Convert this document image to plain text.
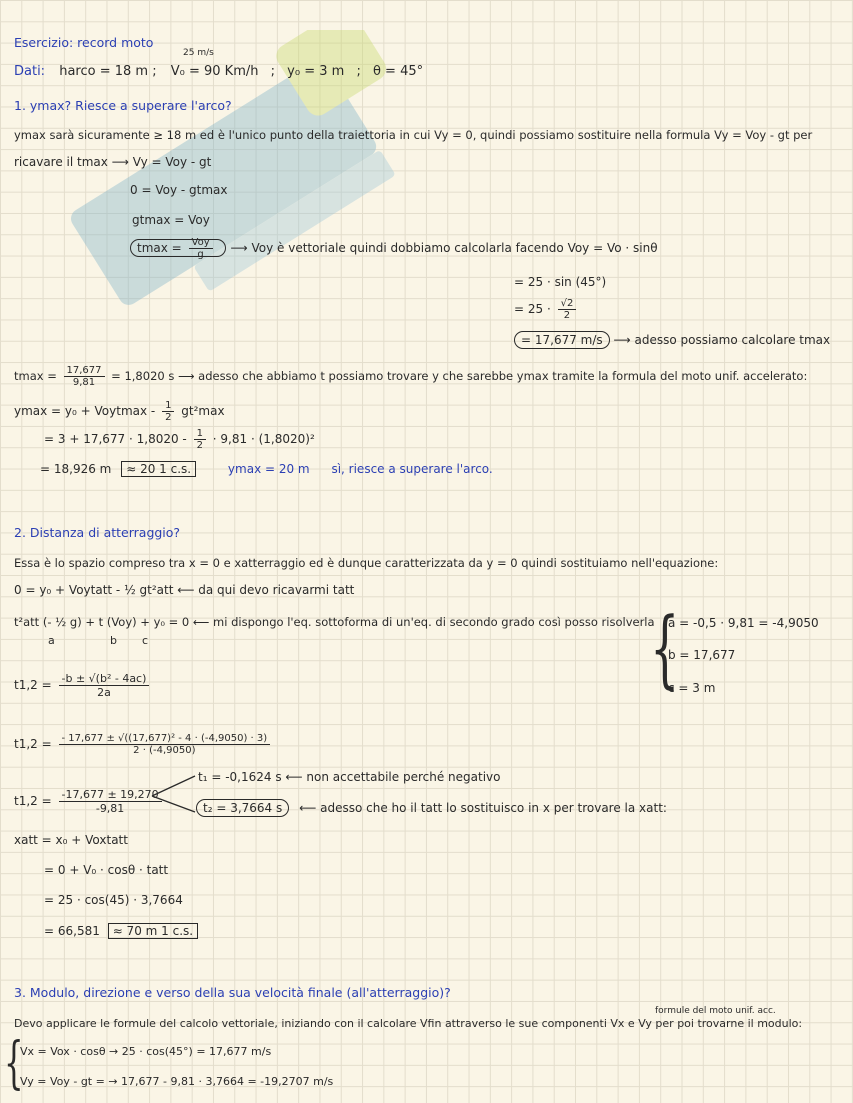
Esercizio: record moto
25 m/s
Dati: harco = 18 m ; V₀ = 90 Km/h ; y₀ = 3 m ; θ = 45°
1. ymax? Riesce a superare l'arco?
ymax sarà sicuramente ≥ 18 m ed è l'unico punto della traiettoria in cui Vy = 0, quindi possiamo sostituire nella formula Vy = Voy - gt per
ricavare il tmax ⟶ Vy = Voy - gt
0 = Voy - gtmax
gtmax = Voy
$tmax = \frac{\text{Voy}}{g}$ ⟶ Voy è vettoriale quindi dobbiamo calcolarla facendo Voy = Vo · sinθ
= 25 · sin (45°)
= $25 \cdot \frac{√2}{2}$
= 17,677 m/s ⟶ adesso possiamo calcolare tmax
$tmax = \frac{17,677}{9,81} = 1,8020$ s ⟶ adesso che abbiamo t possiamo trovare y che sarebbe ymax tramite la formula del moto unif. accelerato:
ymax = y₀ + Voytmax - $\frac{1}{2} gt^2\max$
= $3 + 17,677 \cdot 1,8020 - \frac{1}{2} \cdot 9,81 \cdot (1,8020)^2$
= 18,926 m ≈ 20 1 c.s.	ymax = 20 m sì, riesce a superare l'arco.
2. Distanza di atterraggio?
Essa è lo spazio compreso tra x = 0 e xatterraggio ed è dunque caratterizzata da y = 0 quindi sostituiamo nell'equazione:
0 = y₀ + Voytatt - ½ gt²att ⟵ da qui devo ricavarmi tatt
t²att (- ½ g) + t (Voy) + y₀ = 0 ⟵ mi dispongo l'eq. sottoforma di un'eq. di secondo grado così posso risolverla
a	b c	{
a = -0,5 · 9,81 = -4,9050
b = 17,677
c = 3 m
$t1,2 = \frac{\text{-b ± √(b² - 4ac)}}{2a}$
$t1,2 = \frac{\text{- 17,677 ± √((17,677)² - 4 · (-4,9050) · 3)}}{2 \cdot (-4,9050)}$
$t1,2 = \frac{-17,677 \pm 19,270}{-9,81}$
t₁ = -0,1624 s ⟵ non accettabile perché negativo
t₂ = 3,7664 s ⟵ adesso che ho il tatt lo sostituisco in x per trovare la xatt:
xatt = x₀ + Voxtatt
= 0 + V₀ · cosθ · tatt
= 25 · cos(45) · 3,7664
= 66,581 ≈ 70 m 1 c.s.
3. Modulo, direzione e verso della sua velocità finale (all'atterraggio)?
formule del moto unif. acc.
Devo applicare le formule del calcolo vettoriale, iniziando con il calcolare Vfin attraverso le sue componenti Vx e Vy per poi trovarne il modulo:
{
Vx = Vox · cosθ → 25 · cos(45°) = 17,677 m/s
Vy = Voy - gt = → 17,677 - 9,81 · 3,7664 = -19,2707 m/s
